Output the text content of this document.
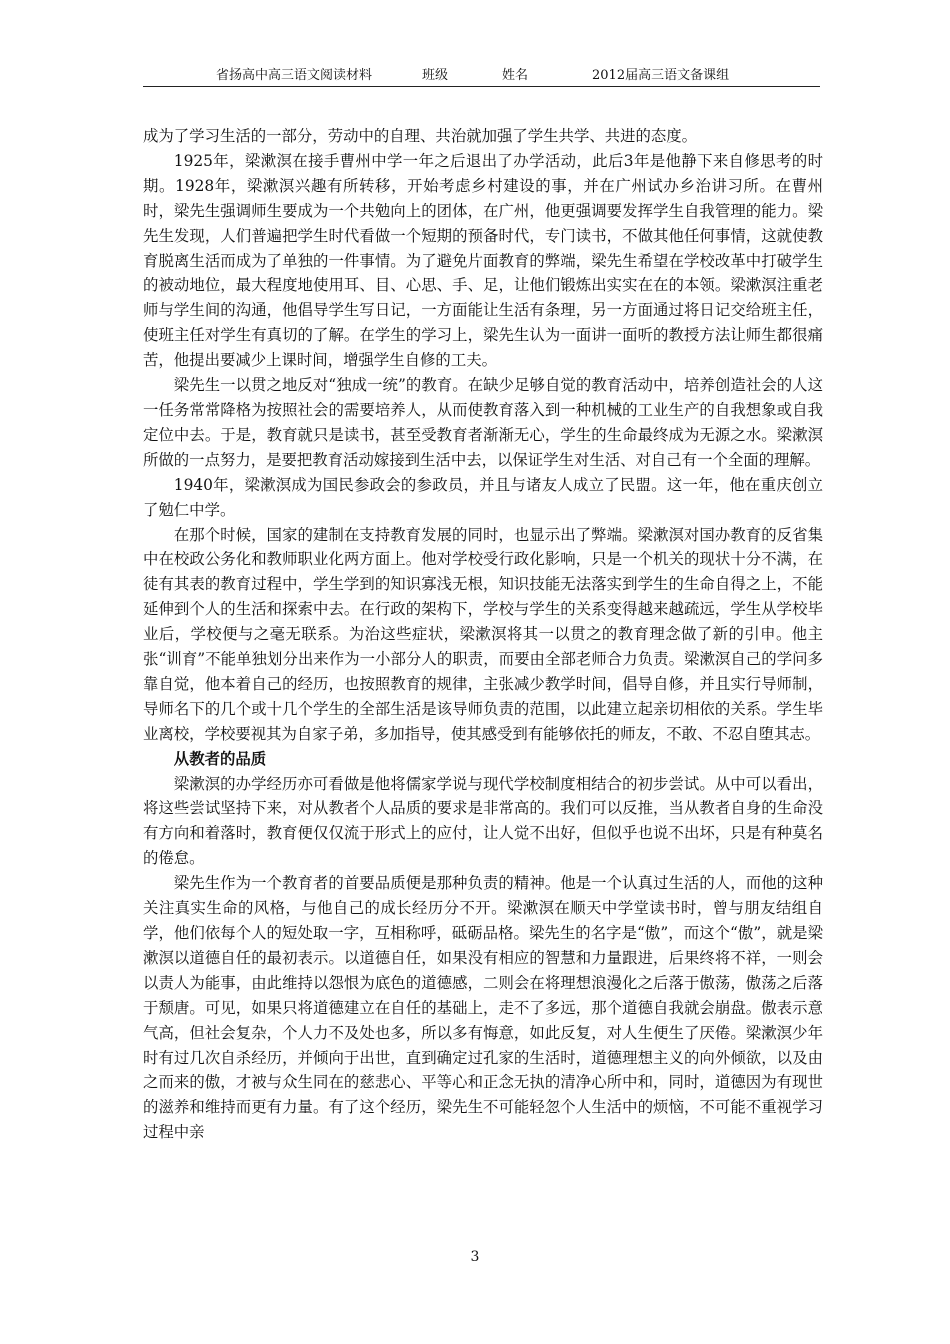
省扬高中高三语文阅读材料	班级	姓名	2012届高三语文备课组

成为了学习生活的一部分，劳动中的自理、共治就加强了学生共学、共进的态度。

1925年，梁漱溟在接手曹州中学一年之后退出了办学活动，此后3年是他静下来自修思考的时期。1928年，梁漱溟兴趣有所转移，开始考虑乡村建设的事，并在广州试办乡治讲习所。在曹州时，梁先生强调师生要成为一个共勉向上的团体，在广州，他更强调要发挥学生自我管理的能力。梁先生发现，人们普遍把学生时代看做一个短期的预备时代，专门读书，不做其他任何事情，这就使教育脱离生活而成为了单独的一件事情。为了避免片面教育的弊端，梁先生希望在学校改革中打破学生的被动地位，最大程度地使用耳、目、心思、手、足，让他们锻炼出实实在在的本领。梁漱溟注重老师与学生间的沟通，他倡导学生写日记，一方面能让生活有条理，另一方面通过将日记交给班主任，使班主任对学生有真切的了解。在学生的学习上，梁先生认为一面讲一面听的教授方法让师生都很痛苦，他提出要减少上课时间，增强学生自修的工夫。

梁先生一以贯之地反对“独成一统”的教育。在缺少足够自觉的教育活动中，培养创造社会的人这一任务常常降格为按照社会的需要培养人，从而使教育落入到一种机械的工业生产的自我想象或自我定位中去。于是，教育就只是读书，甚至受教育者渐渐无心，学生的生命最终成为无源之水。梁漱溟所做的一点努力，是要把教育活动嫁接到生活中去，以保证学生对生活、对自己有一个全面的理解。

1940年，梁漱溟成为国民参政会的参政员，并且与诸友人成立了民盟。这一年，他在重庆创立了勉仁中学。

在那个时候，国家的建制在支持教育发展的同时，也显示出了弊端。梁漱溟对国办教育的反省集中在校政公务化和教师职业化两方面上。他对学校受行政化影响，只是一个机关的现状十分不满，在徒有其表的教育过程中，学生学到的知识寡浅无根，知识技能无法落实到学生的生命自得之上，不能延伸到个人的生活和探索中去。在行政的架构下，学校与学生的关系变得越来越疏远，学生从学校毕业后，学校便与之毫无联系。为治这些症状，梁漱溟将其一以贯之的教育理念做了新的引申。他主张“训育”不能单独划分出来作为一小部分人的职责，而要由全部老师合力负责。梁漱溟自己的学问多靠自觉，他本着自己的经历，也按照教育的规律，主张减少教学时间，倡导自修，并且实行导师制，导师名下的几个或十几个学生的全部生活是该导师负责的范围，以此建立起亲切相依的关系。学生毕业离校，学校要视其为自家子弟，多加指导，使其感受到有能够依托的师友，不敢、不忍自堕其志。

从教者的品质

梁漱溟的办学经历亦可看做是他将儒家学说与现代学校制度相结合的初步尝试。从中可以看出，将这些尝试坚持下来，对从教者个人品质的要求是非常高的。我们可以反推，当从教者自身的生命没有方向和着落时，教育便仅仅流于形式上的应付，让人觉不出好，但似乎也说不出坏，只是有种莫名的倦怠。

梁先生作为一个教育者的首要品质便是那种负责的精神。他是一个认真过生活的人，而他的这种关注真实生命的风格，与他自己的成长经历分不开。梁漱溟在顺天中学堂读书时，曾与朋友结组自学，他们依每个人的短处取一字，互相称呼，砥砺品格。梁先生的名字是“傲”，而这个“傲”，就是梁漱溟以道德自任的最初表示。以道德自任，如果没有相应的智慧和力量跟进，后果终将不祥，一则会以责人为能事，由此维持以怨恨为底色的道德感，二则会在将理想浪漫化之后落于傲荡，傲荡之后落于颓唐。可见，如果只将道德建立在自任的基础上，走不了多远，那个道德自我就会崩盘。傲表示意气高，但社会复杂，个人力不及处也多，所以多有悔意，如此反复，对人生便生了厌倦。梁漱溟少年时有过几次自杀经历，并倾向于出世，直到确定过孔家的生活时，道德理想主义的向外倾欲，以及由之而来的傲，才被与众生同在的慈悲心、平等心和正念无执的清净心所中和，同时，道德因为有现世的滋养和维持而更有力量。有了这个经历，梁先生不可能轻忽个人生活中的烦恼，不可能不重视学习过程中亲

3
